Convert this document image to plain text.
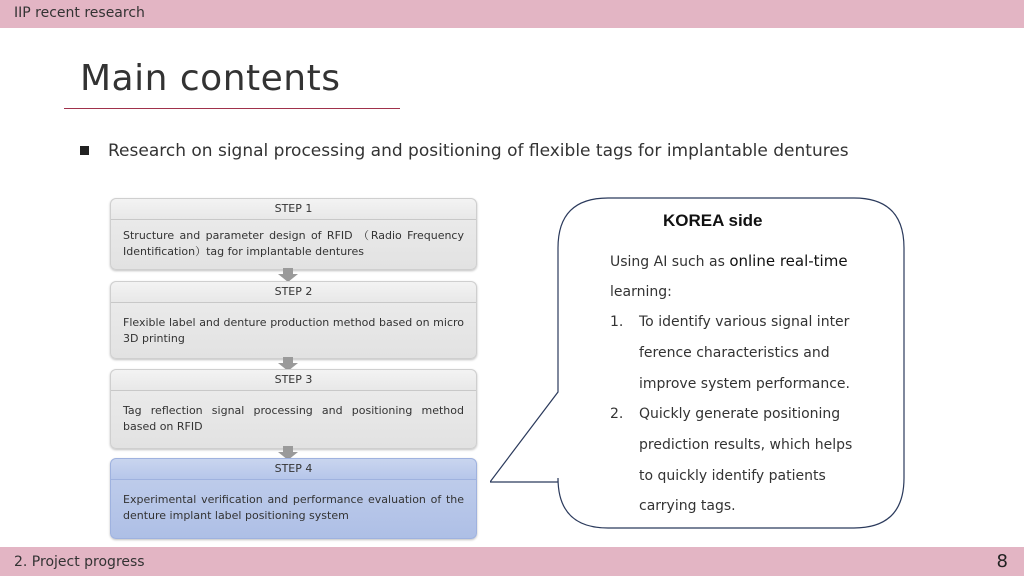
IIP recent research
Main contents
Research on signal processing and positioning of flexible tags for implantable dentures
STEP 1
Structure and parameter design of RFID （Radio Frequency Identification）tag for implantable dentures
STEP 2
Flexible label and denture production method based on micro 3D printing
STEP 3
Tag reflection signal processing and positioning method based on RFID
STEP 4
Experimental verification and performance evaluation of the denture implant label positioning system
KOREA side
Using AI such as online real-time
learning:
1. To identify various signal inter
ference characteristics and
improve system performance.
2. Quickly generate positioning
prediction results, which helps
to quickly identify patients
carrying tags.
2. Project progress	8
